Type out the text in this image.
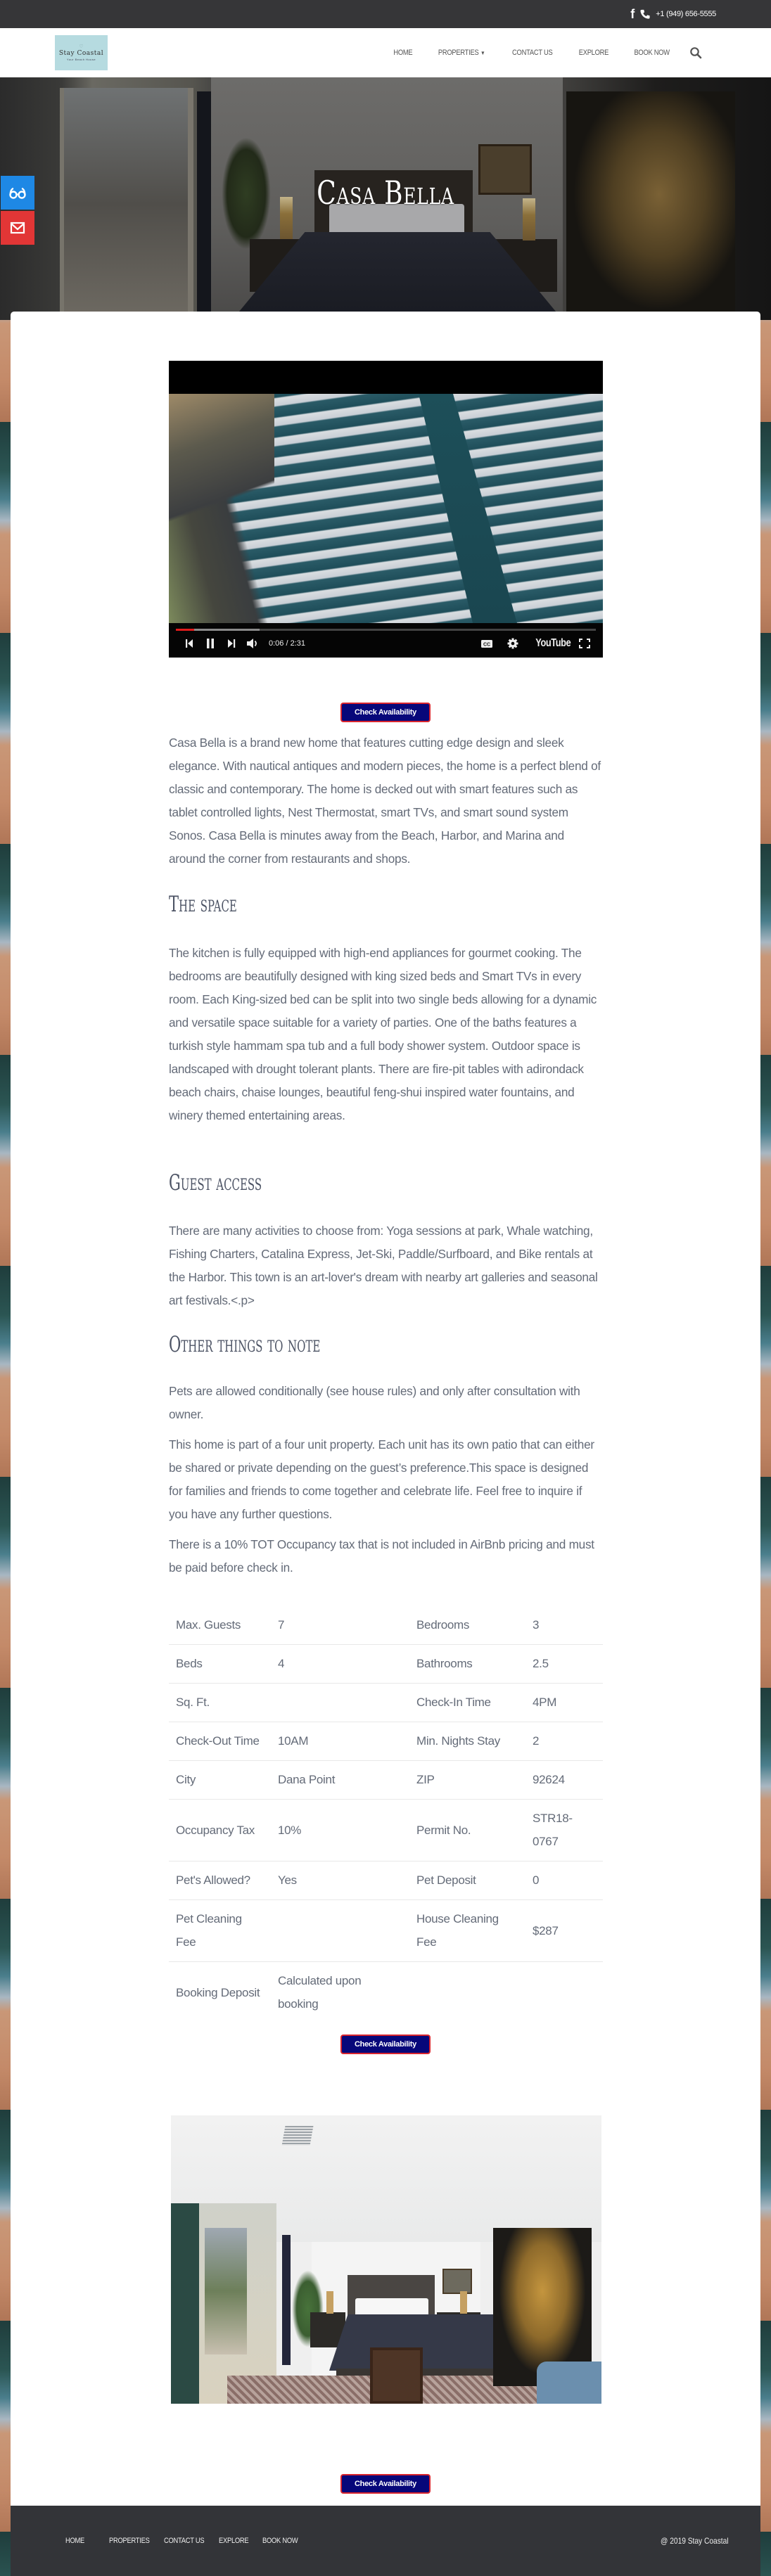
f	+1 (949) 656-5555
♡
Stay Coastal
Your Beach House
HOME	PROPERTIES ▼	CONTACT US	EXPLORE	BOOK NOW
Casa Bella
0:06 / 2:31	CC	YouTube
Check Availability

Casa Bella is a brand new home that features cutting edge design and sleek elegance. With nautical antiques and modern pieces, the home is a perfect blend of classic and contemporary. The home is decked out with smart features such as tablet controlled lights, Nest Thermostat, smart TVs, and smart sound system Sonos. Casa Bella is minutes away from the Beach, Harbor, and Marina and around the corner from restaurants and shops.

The space

The kitchen is fully equipped with high-end appliances for gourmet cooking. The bedrooms are beautifully designed with king sized beds and Smart TVs in every room. Each King-sized bed can be split into two single beds allowing for a dynamic and versatile space suitable for a variety of parties. One of the baths features a turkish style hammam spa tub and a full body shower system. Outdoor space is landscaped with drought tolerant plants. There are fire-pit tables with adirondack beach chairs, chaise lounges, beautiful feng-shui inspired water fountains, and winery themed entertaining areas.

Guest access

There are many activities to choose from: Yoga sessions at park, Whale watching, Fishing Charters, Catalina Express, Jet-Ski, Paddle/Surfboard, and Bike rentals at the Harbor. This town is an art-lover's dream with nearby art galleries and seasonal art festivals.<.p>

Other things to note

Pets are allowed conditionally (see house rules) and only after consultation with owner.

This home is part of a four unit property. Each unit has its own patio that can either be shared or private depending on the guest’s preference.This space is designed for families and friends to come together and celebrate life. Feel free to inquire if you have any further questions.

There is a 10% TOT Occupancy tax that is not included in AirBnb pricing and must be paid before check in.

Max. Guests	7	Bedrooms	3
Beds	4	Bathrooms	2.5
Sq. Ft.		Check-In Time	4PM
Check-Out Time	10AM	Min. Nights Stay	2
City	Dana Point	ZIP	92624
Occupancy Tax	10%	Permit No.	STR18-0767
Pet's Allowed?	Yes	Pet Deposit	0
Pet Cleaning Fee		House Cleaning Fee	$287
Booking Deposit	Calculated upon booking		
Check Availability
Check Availability
HOME	PROPERTIES	CONTACT US	EXPLORE	BOOK NOW	@ 2019 Stay Coastal
